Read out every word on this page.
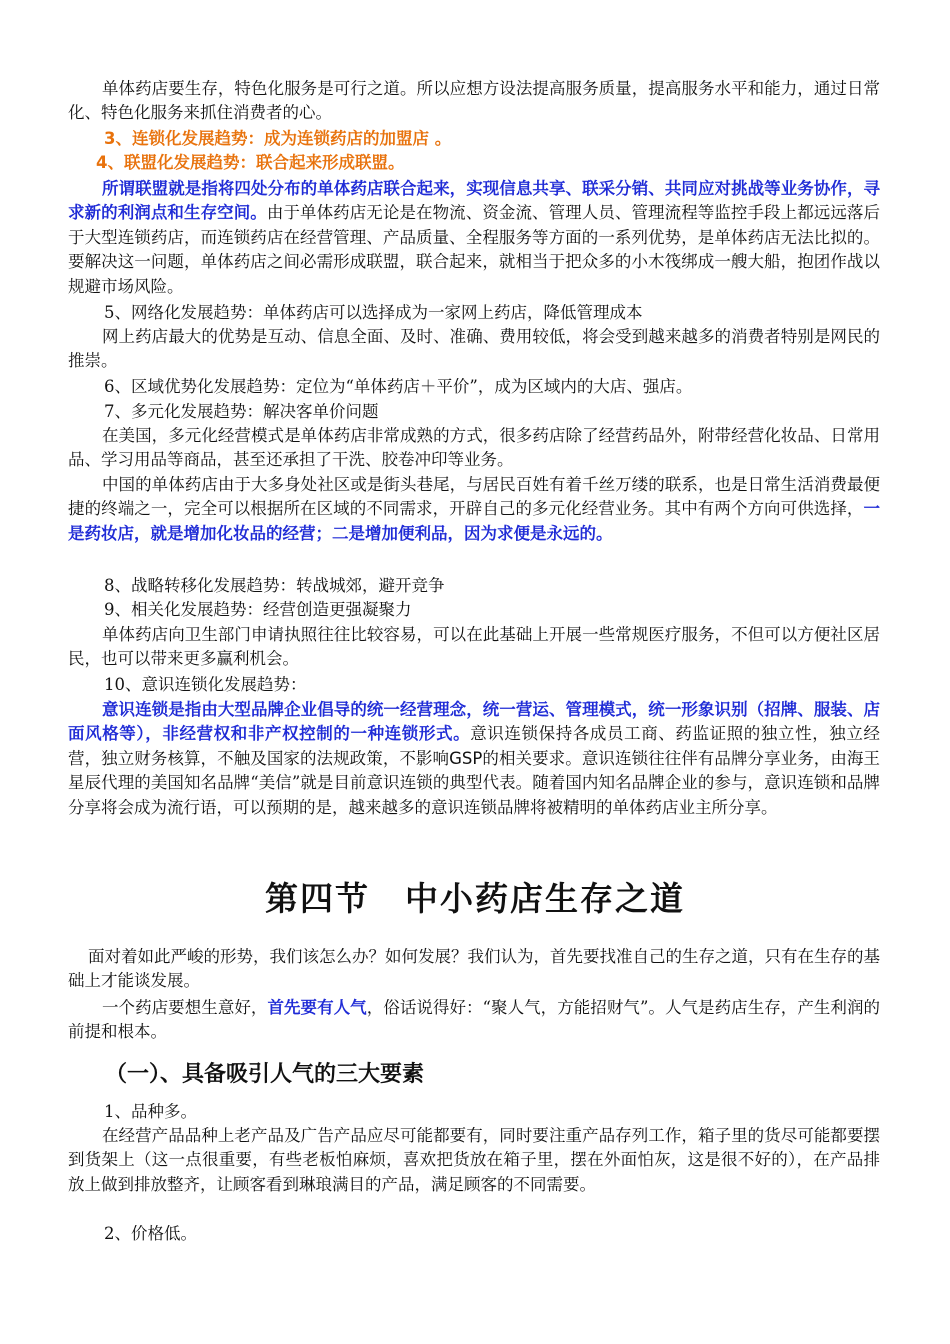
单体药店要生存，特色化服务是可行之道。所以应想方设法提高服务质量，提高服务水平和能力，通过日常化、特色化服务来抓住消费者的心。

3、连锁化发展趋势：成为连锁药店的加盟店 。

4、联盟化发展趋势：联合起来形成联盟。

所谓联盟就是指将四处分布的单体药店联合起来，实现信息共享、联采分销、共同应对挑战等业务协作，寻求新的利润点和生存空间。由于单体药店无论是在物流、资金流、管理人员、管理流程等监控手段上都远远落后于大型连锁药店，而连锁药店在经营管理、产品质量、全程服务等方面的一系列优势，是单体药店无法比拟的。要解决这一问题，单体药店之间必需形成联盟，联合起来，就相当于把众多的小木筏绑成一艘大船，抱团作战以规避市场风险。

5、网络化发展趋势：单体药店可以选择成为一家网上药店，降低管理成本

网上药店最大的优势是互动、信息全面、及时、准确、费用较低，将会受到越来越多的消费者特别是网民的推崇。

6、区域优势化发展趋势：定位为“单体药店＋平价”，成为区域内的大店、强店。

7、多元化发展趋势：解决客单价问题

在美国，多元化经营模式是单体药店非常成熟的方式，很多药店除了经营药品外，附带经营化妆品、日常用品、学习用品等商品，甚至还承担了干洗、胶卷冲印等业务。

中国的单体药店由于大多身处社区或是街头巷尾，与居民百姓有着千丝万缕的联系，也是日常生活消费最便捷的终端之一，完全可以根据所在区域的不同需求，开辟自己的多元化经营业务。其中有两个方向可供选择，一是药妆店，就是增加化妆品的经营；二是增加便利品，因为求便是永远的。

8、战略转移化发展趋势：转战城郊，避开竞争

9、相关化发展趋势：经营创造更强凝聚力

单体药店向卫生部门申请执照往往比较容易，可以在此基础上开展一些常规医疗服务，不但可以方便社区居民，也可以带来更多赢利机会。

10、意识连锁化发展趋势：

意识连锁是指由大型品牌企业倡导的统一经营理念，统一营运、管理模式，统一形象识别（招牌、服装、店面风格等），非经营权和非产权控制的一种连锁形式。意识连锁保持各成员工商、药监证照的独立性，独立经营，独立财务核算，不触及国家的法规政策，不影响GSP的相关要求。意识连锁往往伴有品牌分享业务，由海王星辰代理的美国知名品牌“美信”就是目前意识连锁的典型代表。随着国内知名品牌企业的参与，意识连锁和品牌分享将会成为流行语，可以预期的是，越来越多的意识连锁品牌将被精明的单体药店业主所分享。

第四节　中小药店生存之道

面对着如此严峻的形势，我们该怎么办？如何发展？我们认为，首先要找准自己的生存之道，只有在生存的基础上才能谈发展。

一个药店要想生意好，首先要有人气，俗话说得好：“聚人气，方能招财气”。人气是药店生存，产生利润的前提和根本。

（一）、具备吸引人气的三大要素

1、品种多。

在经营产品品种上老产品及广告产品应尽可能都要有，同时要注重产品存列工作，箱子里的货尽可能都要摆到货架上（这一点很重要，有些老板怕麻烦，喜欢把货放在箱子里，摆在外面怕灰，这是很不好的），在产品排放上做到排放整齐，让顾客看到琳琅满目的产品，满足顾客的不同需要。

2、价格低。
